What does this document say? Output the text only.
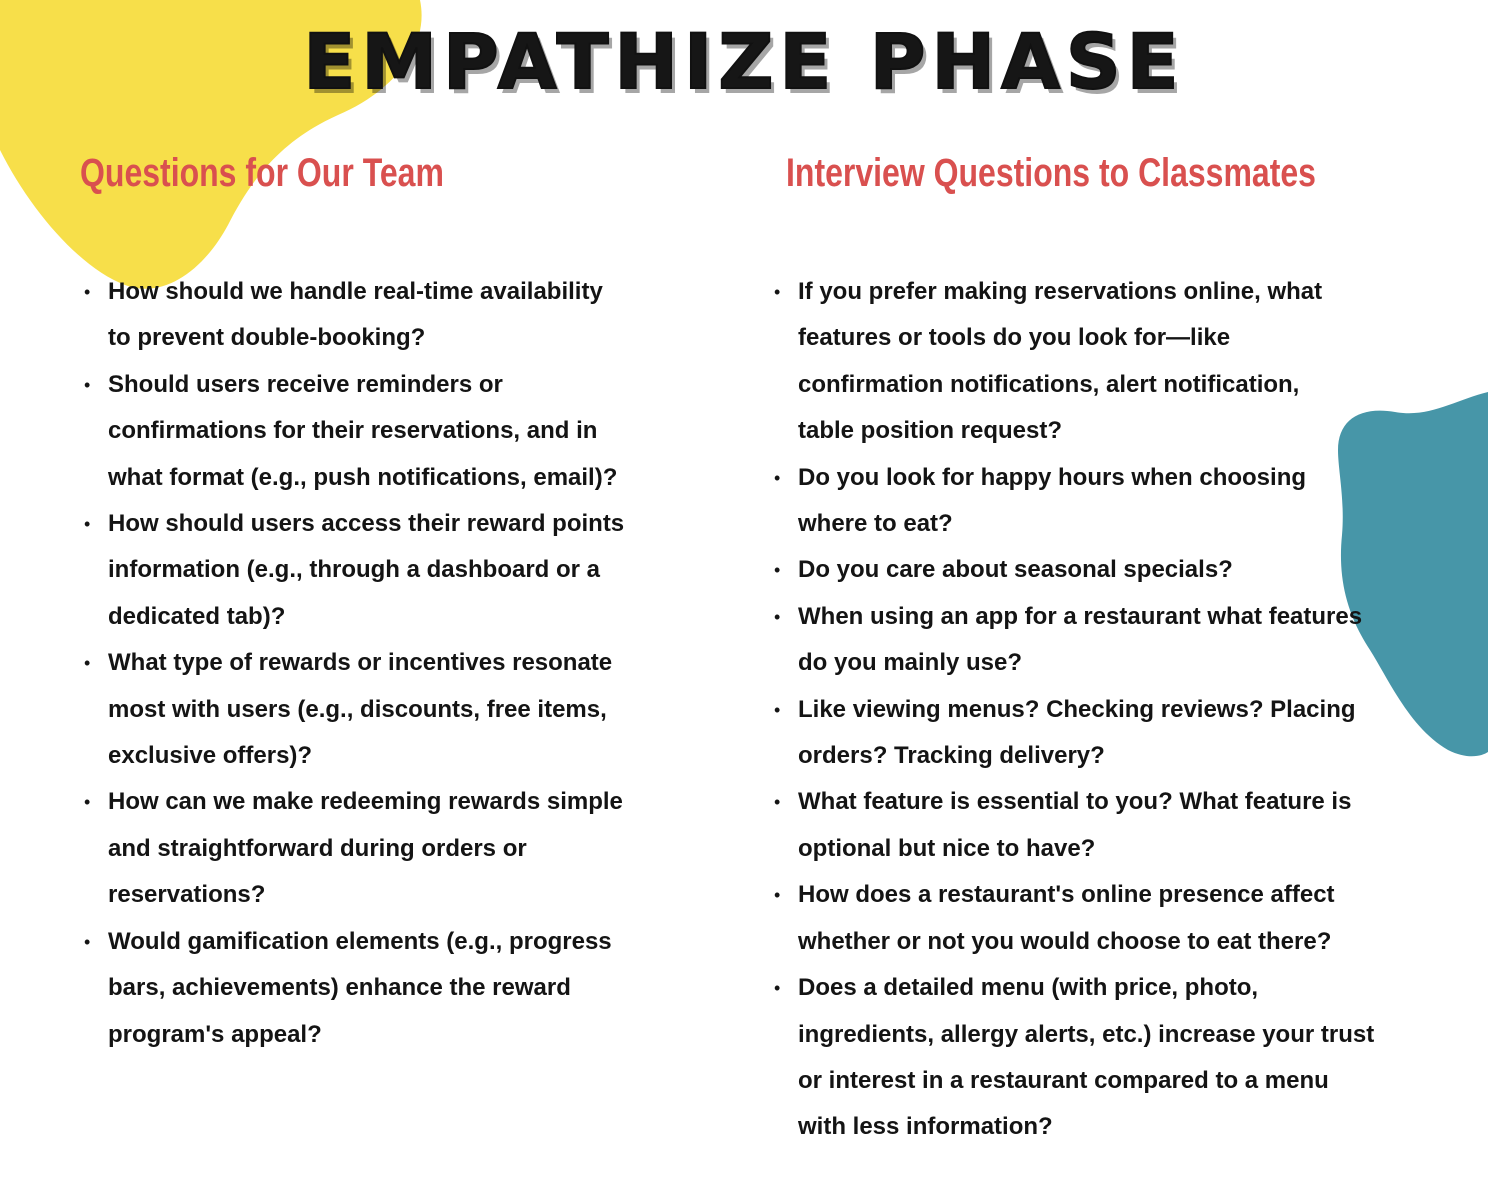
EMPATHIZE PHASE
Questions for Our Team	Interview Questions to Classmates
• How should we handle real-time availability
to prevent double-booking?
• Should users receive reminders or
confirmations for their reservations, and in
what format (e.g., push notifications, email)?
• How should users access their reward points
information (e.g., through a dashboard or a
dedicated tab)?
• What type of rewards or incentives resonate
most with users (e.g., discounts, free items,
exclusive offers)?
• How can we make redeeming rewards simple
and straightforward during orders or
reservations?
• Would gamification elements (e.g., progress
bars, achievements) enhance the reward
program's appeal?
• If you prefer making reservations online, what
features or tools do you look for—like
confirmation notifications, alert notification,
table position request?
• Do you look for happy hours when choosing
where to eat?
• Do you care about seasonal specials?
• When using an app for a restaurant what features
do you mainly use?
• Like viewing menus? Checking reviews? Placing
orders? Tracking delivery?
• What feature is essential to you? What feature is
optional but nice to have?
• How does a restaurant's online presence affect
whether or not you would choose to eat there?
• Does a detailed menu (with price, photo,
ingredients, allergy alerts, etc.) increase your trust
or interest in a restaurant compared to a menu
with less information?
